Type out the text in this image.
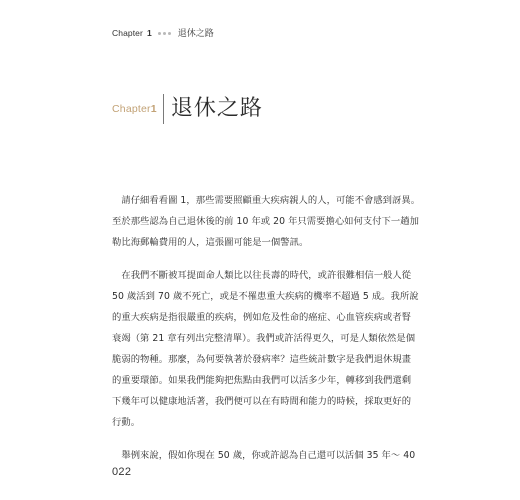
Chapter 1	退休之路
Chapter1 退休之路
　請仔細看看圖 1，那些需要照顧重大疾病親人的人，可能不會感到訝異。
至於那些認為自己退休後的前 10 年或 20 年只需要擔心如何支付下一趟加
勒比海郵輪費用的人，這張圖可能是一個警訊。
　在我們不斷被耳提面命人類比以往長壽的時代，或許很難相信一般人從
50 歲活到 70 歲不死亡，或是不罹患重大疾病的機率不超過 5 成。我所說
的重大疾病是指很嚴重的疾病，例如危及性命的癌症、心血管疾病或者腎
衰竭（第 21 章有列出完整清單）。我們或許活得更久，可是人類依然是個
脆弱的物種。那麼，為何要執著於發病率？這些統計數字是我們退休規畫
的重要環節。如果我們能夠把焦點由我們可以活多少年，轉移到我們還剩
下幾年可以健康地活著，我們便可以在有時間和能力的時候，採取更好的
行動。
　舉例來說，假如你現在 50 歲，你或許認為自己還可以活個 35 年～ 40
022
